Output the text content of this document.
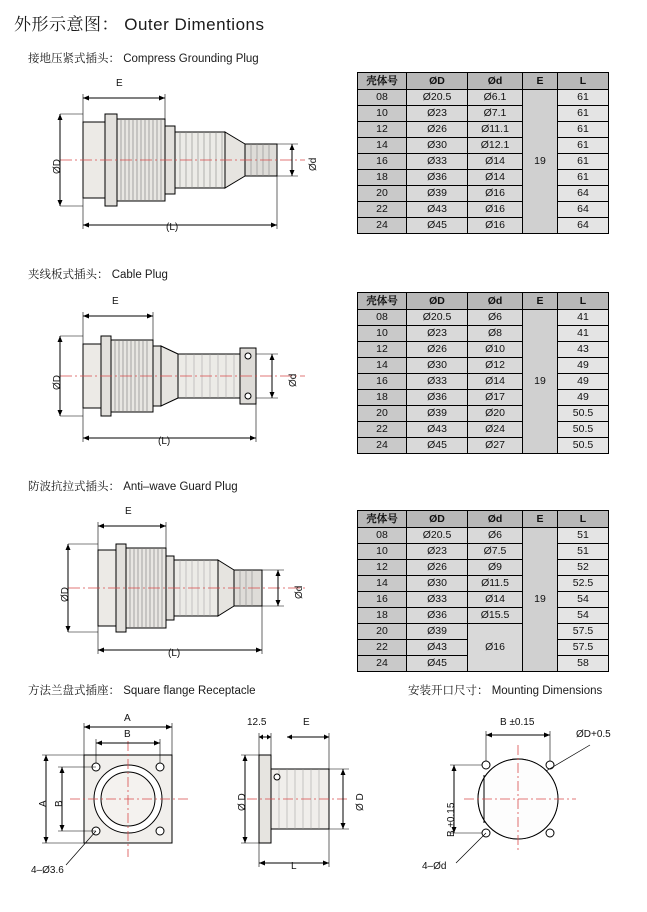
外形示意图： Outer Dimentions
接地压紧式插头： Compress Grounding Plug
E
ØD	Ød
(L)
壳体号	ØD	Ød	E	L
08	Ø20.5	Ø6.1	19	61
10	Ø23	Ø7.1		61
12	Ø26	Ø11.1		61
14	Ø30	Ø12.1		61
16	Ø33	Ø14		61
18	Ø36	Ø14		61
20	Ø39	Ø16		64
22	Ø43	Ø16		64
24	Ø45	Ø16		64
夹线板式插头： Cable Plug
E
ØD	Ød
(L)
壳体号	ØD	Ød	E	L
08	Ø20.5	Ø6	19	41
10	Ø23	Ø8		41
12	Ø26	Ø10		43
14	Ø30	Ø12		49
16	Ø33	Ø14		49
18	Ø36	Ø17		49
20	Ø39	Ø20		50.5
22	Ø43	Ø24		50.5
24	Ø45	Ø27		50.5
防波抗拉式插头： Anti–wave Guard Plug
E
ØD	Ød
(L)
壳体号	ØD	Ød	E	L
08	Ø20.5	Ø6	19	51
10	Ø23	Ø7.5		51
12	Ø26	Ø9		52
14	Ø30	Ø11.5		52.5
16	Ø33	Ø14		54
18	Ø36	Ø15.5		54
20	Ø39	Ø16		57.5
22	Ø43			57.5
24	Ø45			58
方法兰盘式插座： Square flange Receptacle	安装开口尺寸： Mounting Dimensions
A
B
A B
4–Ø3.6
12.5	E
Ø D	Ø D
L
B ±0.15
B ±0.15
ØD+0.5
4–Ød
